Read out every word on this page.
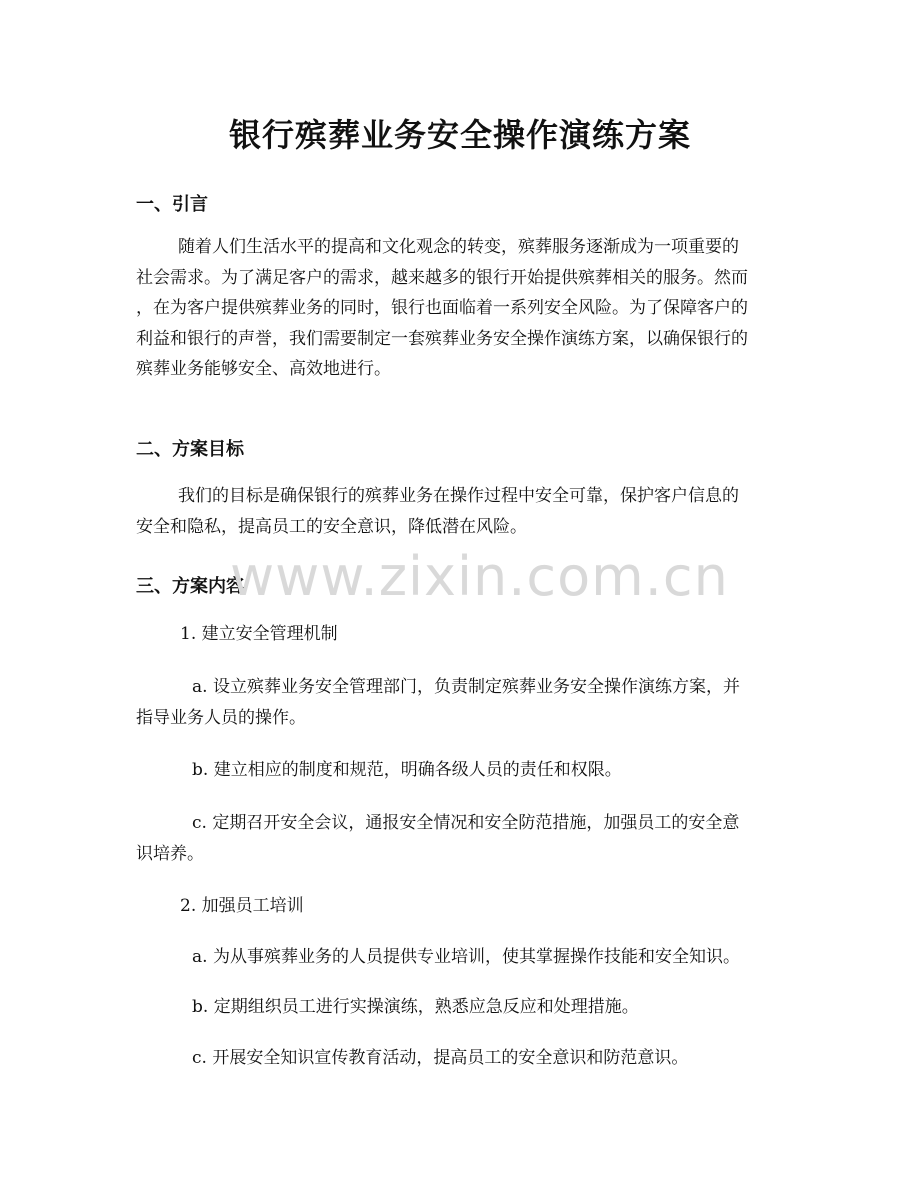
银行殡葬业务安全操作演练方案
一、引言
随着人们生活水平的提高和文化观念的转变，殡葬服务逐渐成为一项重要的
社会需求。为了满足客户的需求，越来越多的银行开始提供殡葬相关的服务。然而
，在为客户提供殡葬业务的同时，银行也面临着一系列安全风险。为了保障客户的
利益和银行的声誉，我们需要制定一套殡葬业务安全操作演练方案，以确保银行的
殡葬业务能够安全、高效地进行。
二、方案目标
我们的目标是确保银行的殡葬业务在操作过程中安全可靠，保护客户信息的
安全和隐私，提高员工的安全意识，降低潜在风险。
三、方案内容
1. 建立安全管理机制
a. 设立殡葬业务安全管理部门，负责制定殡葬业务安全操作演练方案，并
指导业务人员的操作。
b. 建立相应的制度和规范，明确各级人员的责任和权限。
c. 定期召开安全会议，通报安全情况和安全防范措施，加强员工的安全意
识培养。
2. 加强员工培训
a. 为从事殡葬业务的人员提供专业培训，使其掌握操作技能和安全知识。
b. 定期组织员工进行实操演练，熟悉应急反应和处理措施。
c. 开展安全知识宣传教育活动，提高员工的安全意识和防范意识。
www.zixin.com.cn
